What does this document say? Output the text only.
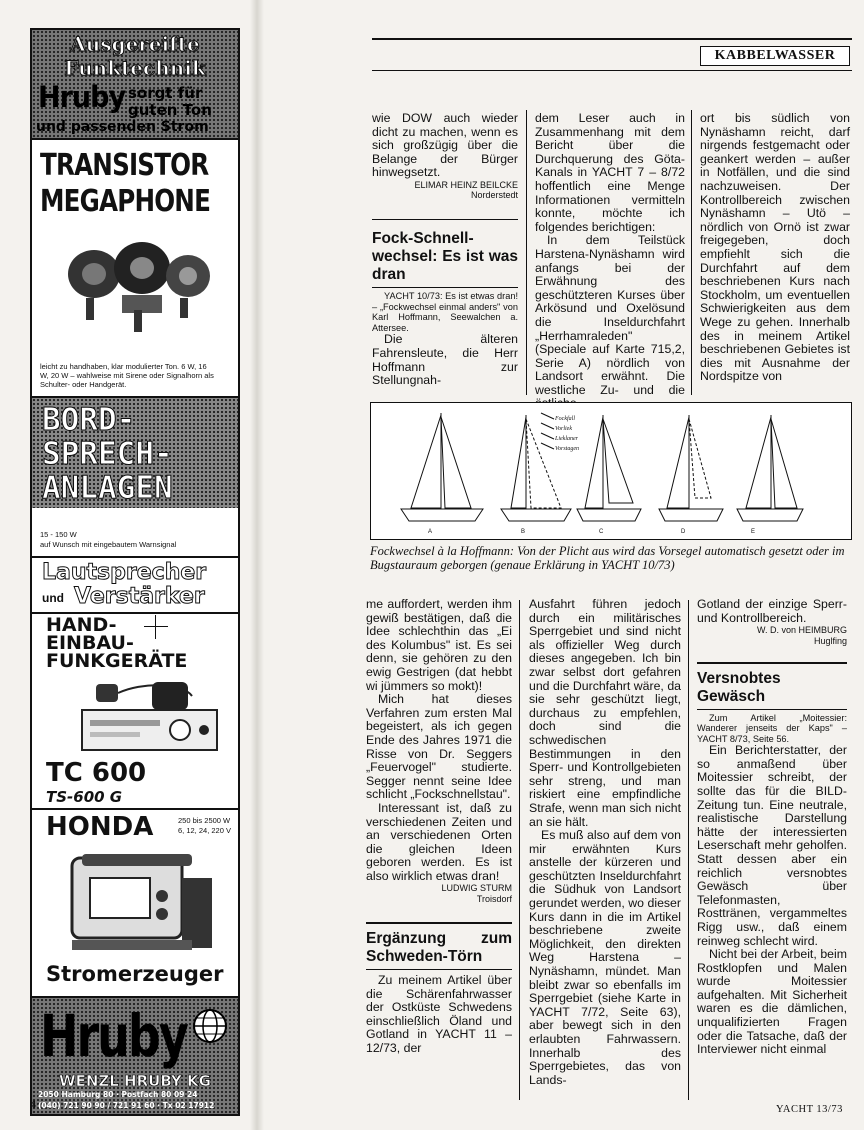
Ausgereifte
Funktechnik
Hruby sorgt für
guten Ton
und passenden Strom
TRANSISTOR
MEGAPHONE
leicht zu handhaben, klar modulierter Ton. 6 W, 16 W, 20 W – wahlweise mit Sirene oder Signalhorn als Schulter- oder Handgerät.
BORD-
SPRECH-
ANLAGEN
15 - 150 W
auf Wunsch mit eingebautem Warnsignal
Lautsprecher
und Verstärker
HAND-
EINBAU-
FUNKGERÄTE
TC 600
TS-600 G
HONDA	250 bis 2500 W
6, 12, 24, 220 V
Stromerzeuger
Hruby
WENZL HRUBY KG
2050 Hamburg 80 · Postfach 80 09 24
(040) 721 90 90 / 721 91 60 · Tx 02 17912
4
KABBELWASSER

wie DOW auch wieder dicht zu machen, wenn es sich großzügig über die Belange der Bürger hinwegsetzt.

ELIMAR HEINZ BEILCKE

Norderstedt

Fock-Schnell-wechsel: Es ist was dran

YACHT 10/73: Es ist etwas dran! – „Fockwechsel einmal anders" von Karl Hoffmann, Seewalchen a. Attersee.

Die älteren Fahrensleute, die Herr Hoffmann zur Stellungnah-

dem Leser auch in Zusammenhang mit dem Bericht über die Durchquerung des Göta-Kanals in YACHT 7 – 8/72 hoffentlich eine Menge Informationen vermitteln konnte, möchte ich folgendes berichtigen:

In dem Teilstück Harstena-Nynäshamn wird anfangs bei der Erwähnung des geschützteren Kurses über Arkösund und Oxelösund die Inseldurchfahrt „Herrhamraleden" (Speciale auf Karte 715,2, Serie A) nördlich von Landsort erwähnt. Die westliche Zu- und die

ort bis südlich von Nynäshamn reicht, darf nirgends festgemacht oder geankert werden – außer in Notfällen, und die sind nachzuweisen. Der Kontrollbereich zwischen Nynäshamn – Utö – nördlich von Ornö ist zwar freigegeben, doch empfiehlt sich die Durchfahrt auf dem beschriebenen Kurs nach Stockholm, um eventuellen Schwierigkeiten aus dem Wege zu gehen. Innerhalb des in meinem Artikel beschriebenen Gebietes ist dies mit Ausnahme der Nordspitze von

Fockfall
Vorliek
Lieklaner
Vorstagen
A	B	C	D	E
Fockwechsel à la Hoffmann: Von der Plicht aus wird das Vorsegel automatisch gesetzt oder im Bugstauraum geborgen (genaue Erklärung in YACHT 10/73)

me auffordert, werden ihm gewiß bestätigen, daß die Idee schlechthin das „Ei des Kolumbus" ist. Es sei denn, sie gehören zu den ewig Gestrigen (dat hebbt wi jümmers so mokt)!

Mich hat dieses Verfahren zum ersten Mal begeistert, als ich gegen Ende des Jahres 1971 die Risse von Dr. Seggers „Feuervogel" studierte. Segger nennt seine Idee schlicht „Fockschnellstau".

Interessant ist, daß zu verschiedenen Zeiten und an verschiedenen Orten die gleichen Ideen geboren werden. Es ist also wirklich etwas dran!

LUDWIG STURM

Troisdorf

Ergänzung zum Schweden-Törn

Zu meinem Artikel über die Schärenfahrwasser der Ostküste Schwedens einschließlich Öland und Gotland in YACHT 11 – 12/73, der

Ausfahrt führen jedoch durch ein militärisches Sperrgebiet und sind nicht als offizieller Weg durch dieses angegeben. Ich bin zwar selbst dort gefahren und die Durchfahrt wäre, da sie sehr geschützt liegt, durchaus zu empfehlen, doch sind die schwedischen Bestimmungen in den Sperr- und Kontrollgebieten sehr streng, und man riskiert eine empfindliche Strafe, wenn man sich nicht an sie hält.

Es muß also auf dem von mir erwähnten Kurs anstelle der kürzeren und geschützten Inseldurchfahrt die Südhuk von Landsort gerundet werden, wo dieser Kurs dann in die im Artikel beschriebene zweite Möglichkeit, den direkten Weg Harstena – Nynäshamn, mündet. Man bleibt zwar so ebenfalls im Sperrgebiet (siehe Karte in YACHT 7/72, Seite 63), aber bewegt sich in den erlaubten Fahrwassern. Innerhalb des Sperrgebietes, das von Lands-

Gotland der einzige Sperr- und Kontrollbereich.

W. D. von HEIMBURG

Huglfing

Versnobtes Gewäsch

Zum Artikel „Moitessier: Wanderer jenseits der Kaps" – YACHT 8/73, Seite 56.

Ein Berichterstatter, der so anmaßend über Moitessier schreibt, der sollte das für die BILD-Zeitung tun. Eine neutrale, realistische Darstellung hätte der interessierten Leserschaft mehr geholfen. Statt dessen aber ein reichlich versnobtes Gewäsch über Telefonmasten, Rosttränen, vergammeltes Rigg usw., daß einem reinweg schlecht wird.

Nicht bei der Arbeit, beim Rostklopfen und Malen wurde Moitessier aufgehalten. Mit Sicherheit waren es die dämlichen, unqualifizierten Fragen oder die Tatsache, daß der Interviewer nicht einmal

YACHT 13/73
